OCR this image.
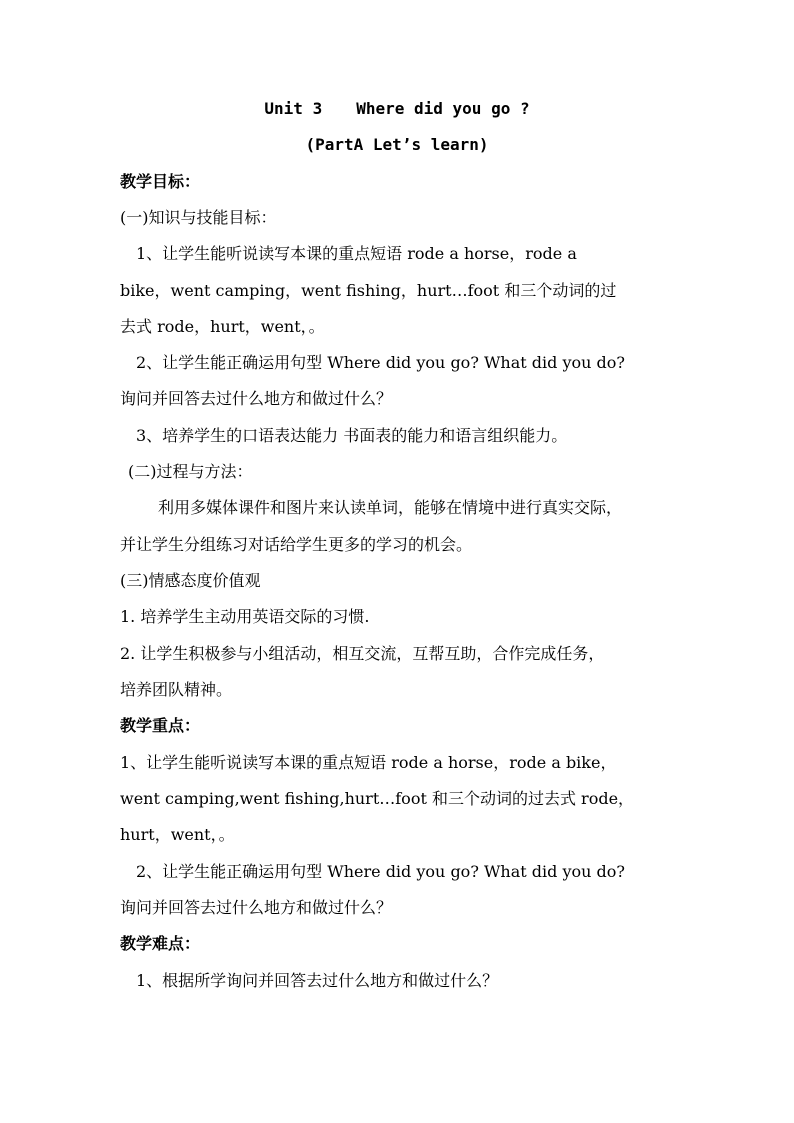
Unit 3 Where did you go ?
(PartA Let’s learn)
教学目标：
(一)知识与技能目标：
1、让学生能听说读写本课的重点短语 rode a horse，rode a
bike，went camping，went fishing，hurt…foot 和三个动词的过
去式 rode，hurt，went，。
2、让学生能正确运用句型 Where did you go? What did you do?
询问并回答去过什么地方和做过什么？
3、培养学生的口语表达能力 书面表的能力和语言组织能力。
(二)过程与方法：
利用多媒体课件和图片来认读单词，能够在情境中进行真实交际，
并让学生分组练习对话给学生更多的学习的机会。
(三)情感态度价值观
1. 培养学生主动用英语交际的习惯.
2. 让学生积极参与小组活动，相互交流，互帮互助，合作完成任务，
培养团队精神。
教学重点：
1、让学生能听说读写本课的重点短语 rode a horse，rode a bike，
went camping,went fishing,hurt…foot 和三个动词的过去式 rode，
hurt，went，。
2、让学生能正确运用句型 Where did you go? What did you do?
询问并回答去过什么地方和做过什么？
教学难点：
1、根据所学询问并回答去过什么地方和做过什么？
